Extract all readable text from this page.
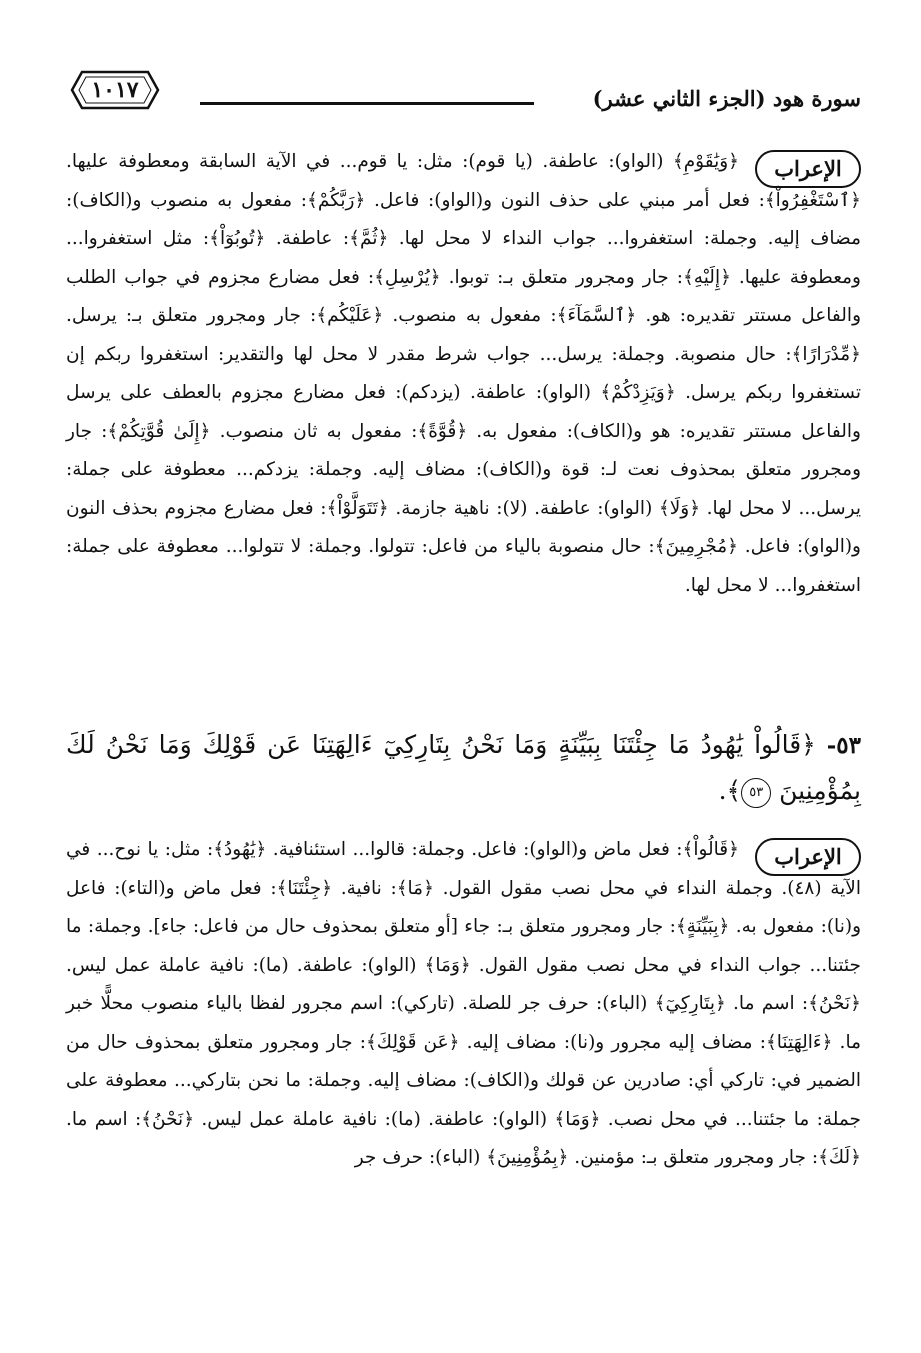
سورة هود (الجزء الثاني عشر)
١٠١٧
الإعراب
﴿وَيَٰقَوْمِ﴾ (الواو): عاطفة. (يا قوم): مثل: يا قوم... في الآية السابقة ومعطوفة عليها. ﴿ٱسْتَغْفِرُواْ﴾: فعل أمر مبني على حذف النون و(الواو): فاعل. ﴿رَبَّكُمْ﴾: مفعول به منصوب و(الكاف): مضاف إليه. وجملة: استغفروا... جواب النداء لا محل لها. ﴿ثُمَّ﴾: عاطفة. ﴿تُوبُوٓاْ﴾: مثل استغفروا... ومعطوفة عليها. ﴿إِلَيْهِ﴾: جار ومجرور متعلق بـ: توبوا. ﴿يُرْسِلِ﴾: فعل مضارع مجزوم في جواب الطلب والفاعل مستتر تقديره: هو. ﴿ٱلسَّمَآءَ﴾: مفعول به منصوب. ﴿عَلَيْكُم﴾: جار ومجرور متعلق بـ: يرسل. ﴿مِّدْرَارًا﴾: حال منصوبة. وجملة: يرسل... جواب شرط مقدر لا محل لها والتقدير: استغفروا ربكم إن تستغفروا ربكم يرسل. ﴿وَيَزِدْكُمْ﴾ (الواو): عاطفة. (يزدكم): فعل مضارع مجزوم بالعطف على يرسل والفاعل مستتر تقديره: هو و(الكاف): مفعول به. ﴿قُوَّةً﴾: مفعول به ثان منصوب. ﴿إِلَىٰ قُوَّتِكُمْ﴾: جار ومجرور متعلق بمحذوف نعت لـ: قوة و(الكاف): مضاف إليه. وجملة: يزدكم... معطوفة على جملة: يرسل... لا محل لها. ﴿وَلَا﴾ (الواو): عاطفة. (لا): ناهية جازمة. ﴿تَتَوَلَّوْاْ﴾: فعل مضارع مجزوم بحذف النون و(الواو): فاعل. ﴿مُجْرِمِينَ﴾: حال منصوبة بالياء من فاعل: تتولوا. وجملة: لا تتولوا... معطوفة على جملة: استغفروا... لا محل لها.
٥٣- ﴿قَالُواْ يَٰهُودُ مَا جِئْتَنَا بِبَيِّنَةٍ وَمَا نَحْنُ بِتَارِكِيٓ ءَالِهَتِنَا عَن قَوْلِكَ وَمَا نَحْنُ لَكَ بِمُؤْمِنِينَ ٥٣﴾.
الإعراب
﴿قَالُواْ﴾: فعل ماض و(الواو): فاعل. وجملة: قالوا... استئنافية. ﴿يَٰهُودُ﴾: مثل: يا نوح... في الآية (٤٨). وجملة النداء في محل نصب مقول القول. ﴿مَا﴾: نافية. ﴿جِئْتَنَا﴾: فعل ماض و(التاء): فاعل و(نا): مفعول به. ﴿بِبَيِّنَةٍ﴾: جار ومجرور متعلق بـ: جاء [أو متعلق بمحذوف حال من فاعل: جاء]. وجملة: ما جئتنا... جواب النداء في محل نصب مقول القول. ﴿وَمَا﴾ (الواو): عاطفة. (ما): نافية عاملة عمل ليس. ﴿نَحْنُ﴾: اسم ما. ﴿بِتَارِكِيٓ﴾ (الباء): حرف جر للصلة. (تاركي): اسم مجرور لفظا بالياء منصوب محلًّا خبر ما. ﴿ءَالِهَتِنَا﴾: مضاف إليه مجرور و(نا): مضاف إليه. ﴿عَن قَوْلِكَ﴾: جار ومجرور متعلق بمحذوف حال من الضمير في: تاركي أي: صادرين عن قولك و(الكاف): مضاف إليه. وجملة: ما نحن بتاركي... معطوفة على جملة: ما جئتنا... في محل نصب. ﴿وَمَا﴾ (الواو): عاطفة. (ما): نافية عاملة عمل ليس. ﴿نَحْنُ﴾: اسم ما. ﴿لَكَ﴾: جار ومجرور متعلق بـ: مؤمنين. ﴿بِمُؤْمِنِينَ﴾ (الباء): حرف جر
